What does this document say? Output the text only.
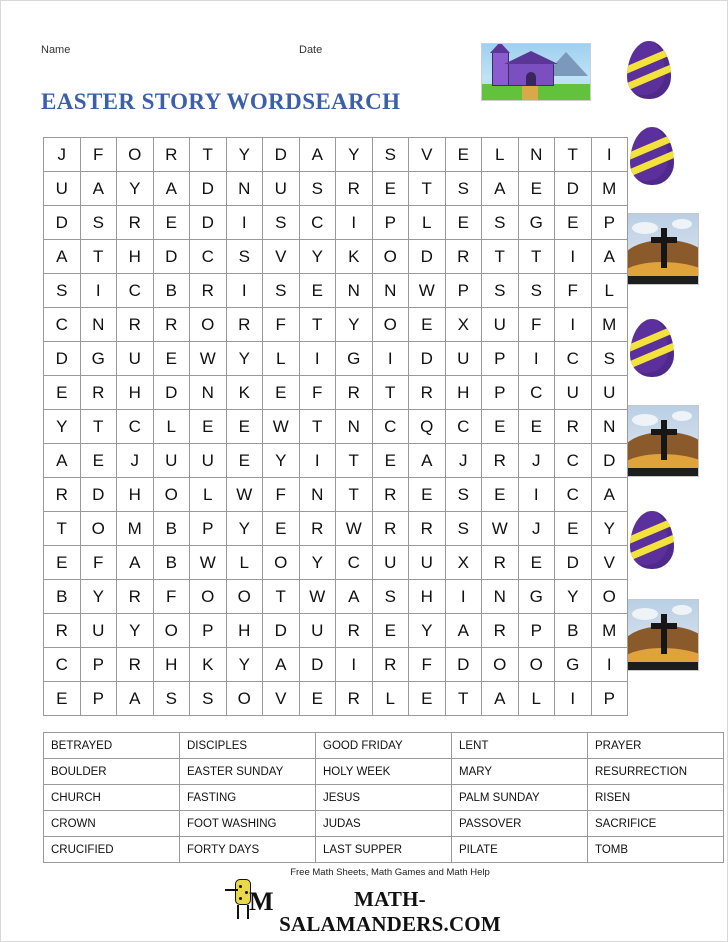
Name	Date
EASTER STORY WORDSEARCH
J	F	O	R	T	Y	D	A	Y	S	V	E	L	N	T	I
U	A	Y	A	D	N	U	S	R	E	T	S	A	E	D	M
D	S	R	E	D	I	S	C	I	P	L	E	S	G	E	P
A	T	H	D	C	S	V	Y	K	O	D	R	T	T	I	A
S	I	C	B	R	I	S	E	N	N	W	P	S	S	F	L
C	N	R	R	O	R	F	T	Y	O	E	X	U	F	I	M
D	G	U	E	W	Y	L	I	G	I	D	U	P	I	C	S
E	R	H	D	N	K	E	F	R	T	R	H	P	C	U	U
Y	T	C	L	E	E	W	T	N	C	Q	C	E	E	R	N
A	E	J	U	U	E	Y	I	T	E	A	J	R	J	C	D
R	D	H	O	L	W	F	N	T	R	E	S	E	I	C	A
T	O	M	B	P	Y	E	R	W	R	R	S	W	J	E	Y
E	F	A	B	W	L	O	Y	C	U	U	X	R	E	D	V
B	Y	R	F	O	O	T	W	A	S	H	I	N	G	Y	O
R	U	Y	O	P	H	D	U	R	E	Y	A	R	P	B	M
C	P	R	H	K	Y	A	D	I	R	F	D	O	O	G	I
E	P	A	S	S	O	V	E	R	L	E	T	A	L	I	P
BETRAYED	DISCIPLES	GOOD FRIDAY	LENT	PRAYER
BOULDER	EASTER SUNDAY	HOLY WEEK	MARY	RESURRECTION
CHURCH	FASTING	JESUS	PALM SUNDAY	RISEN
CROWN	FOOT WASHING	JUDAS	PASSOVER	SACRIFICE
CRUCIFIED	FORTY DAYS	LAST SUPPER	PILATE	TOMB
M
Free Math Sheets, Math Games and Math Help
MATH-SALAMANDERS.COM
